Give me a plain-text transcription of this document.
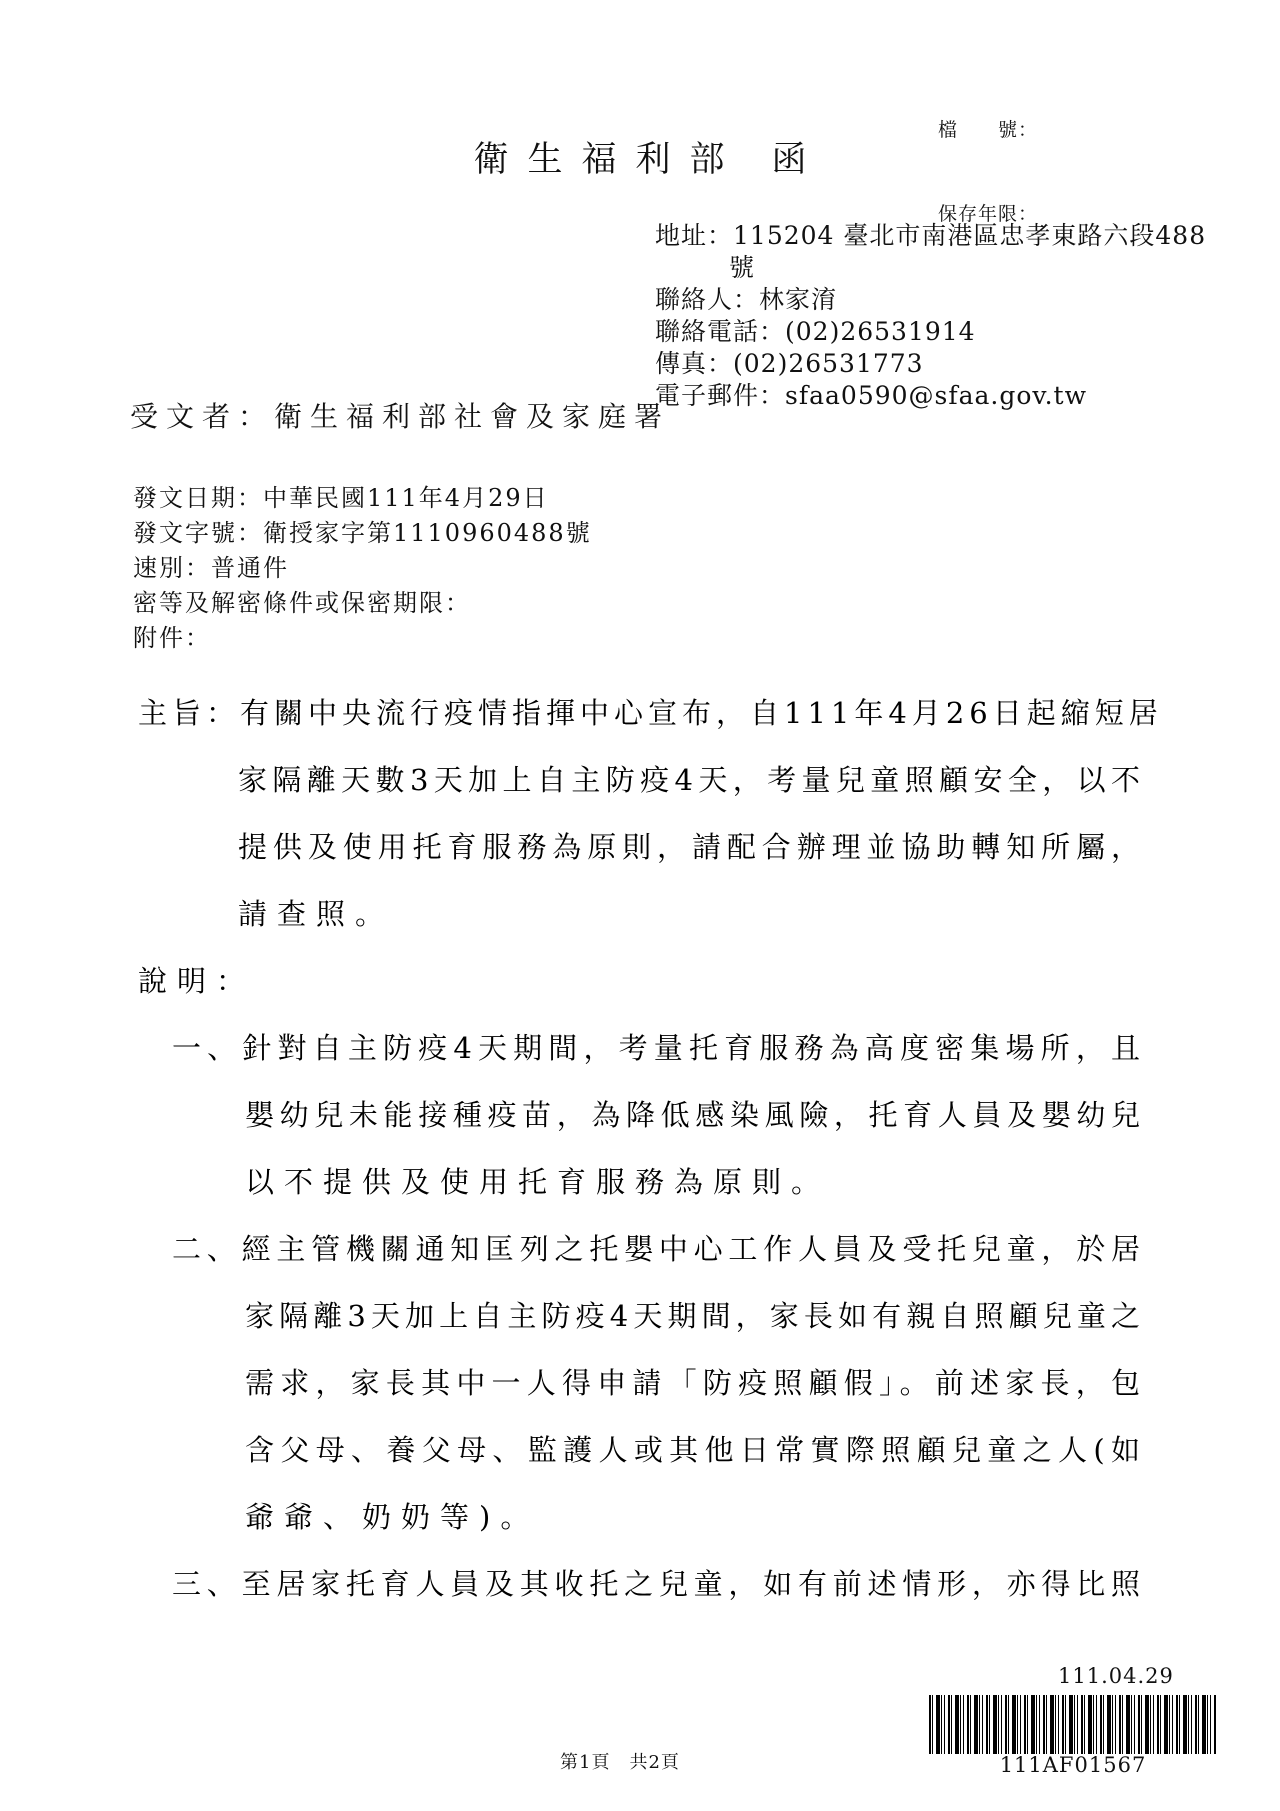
檔　　號：

保存年限：

衛生福利部 函
地址：115204 臺北市南港區忠孝東路六段488
號
聯絡人：林家淯
聯絡電話：(02)26531914
傳真：(02)26531773
電子郵件：sfaa0590@sfaa.gov.tw
受文者：衛生福利部社會及家庭署
發文日期：中華民國111年4月29日
發文字號：衛授家字第1110960488號
速別：普通件
密等及解密條件或保密期限：
附件：
主旨：有關中央流行疫情指揮中心宣布，自111年4月26日起縮短居
家隔離天數3天加上自主防疫4天，考量兒童照顧安全，以不
提供及使用托育服務為原則，請配合辦理並協助轉知所屬，
請查照。
說明：
一、針對自主防疫4天期間，考量托育服務為高度密集場所，且
嬰幼兒未能接種疫苗，為降低感染風險，托育人員及嬰幼兒
以不提供及使用托育服務為原則。
二、經主管機關通知匡列之托嬰中心工作人員及受托兒童，於居
家隔離3天加上自主防疫4天期間，家長如有親自照顧兒童之
需求，家長其中一人得申請「防疫照顧假」。前述家長，包
含父母、養父母、監護人或其他日常實際照顧兒童之人(如
爺爺、奶奶等)。
三、至居家托育人員及其收托之兒童，如有前述情形，亦得比照
111.04.29
111AF01567
第1頁　共2頁
